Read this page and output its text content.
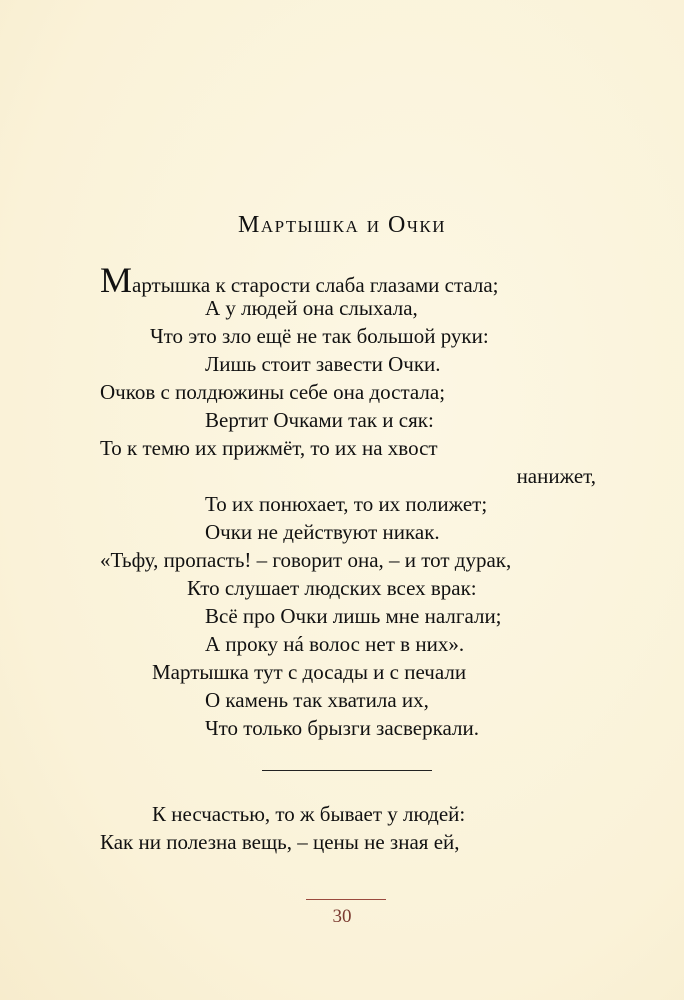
Мартышка и Очки
Мартышка к старости слаба глазами стала;
А у людей она слыхала,
Что это зло ещё не так большой руки:
Лишь стоит завести Очки.
Очков с полдюжины себе она достала;
Вертит Очками так и сяк:
То к темю их прижмёт, то их на хвост
нанижет,
То их понюхает, то их полижет;
Очки не действуют никак.
«Тьфу, пропасть! – говорит она, – и тот дурак,
Кто слушает людских всех врак:
Всё про Очки лишь мне налгали;
А проку нá волос нет в них».
Мартышка тут с досады и с печали
О камень так хватила их,
Что только брызги засверкали.
К несчастью, то ж бывает у людей:
Как ни полезна вещь, – цены не зная ей,
30
